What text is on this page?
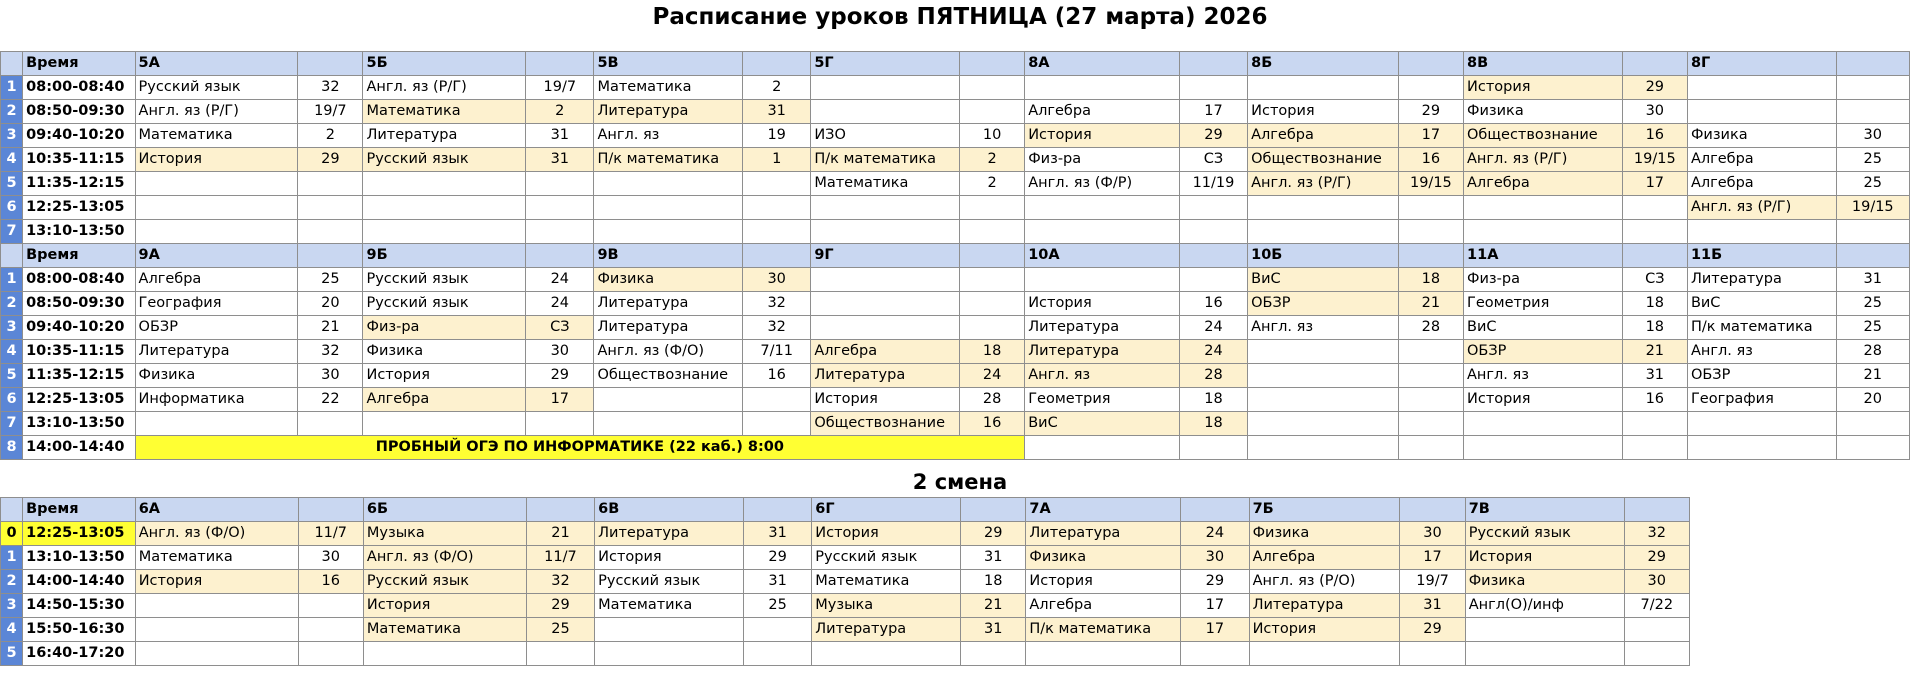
Расписание уроков ПЯТНИЦА (27 марта) 2026
	Время	5А		5Б		5В		5Г		8А		8Б		8В		8Г	
1	08:00-08:40	Русский язык	32	Англ. яз (Р/Г)	19/7	Математика	2							История	29		
2	08:50-09:30	Англ. яз (Р/Г)	19/7	Математика	2	Литература	31			Алгебра	17	История	29	Физика	30		
3	09:40-10:20	Математика	2	Литература	31	Англ. яз	19	ИЗО	10	История	29	Алгебра	17	Обществознание	16	Физика	30
4	10:35-11:15	История	29	Русский язык	31	П/к математика	1	П/к математика	2	Физ-ра	СЗ	Обществознание	16	Англ. яз (Р/Г)	19/15	Алгебра	25
5	11:35-12:15							Математика	2	Англ. яз (Ф/Р)	11/19	Англ. яз (Р/Г)	19/15	Алгебра	17	Алгебра	25
6	12:25-13:05															Англ. яз (Р/Г)	19/15
7	13:10-13:50																
	Время	9А		9Б		9В		9Г		10А		10Б		11А		11Б	
1	08:00-08:40	Алгебра	25	Русский язык	24	Физика	30					ВиС	18	Физ-ра	СЗ	Литература	31
2	08:50-09:30	География	20	Русский язык	24	Литература	32			История	16	ОБЗР	21	Геометрия	18	ВиС	25
3	09:40-10:20	ОБЗР	21	Физ-ра	СЗ	Литература	32			Литература	24	Англ. яз	28	ВиС	18	П/к математика	25
4	10:35-11:15	Литература	32	Физика	30	Англ. яз (Ф/О)	7/11	Алгебра	18	Литература	24			ОБЗР	21	Англ. яз	28
5	11:35-12:15	Физика	30	История	29	Обществознание	16	Литература	24	Англ. яз	28			Англ. яз	31	ОБЗР	21
6	12:25-13:05	Информатика	22	Алгебра	17			История	28	Геометрия	18			История	16	География	20
7	13:10-13:50							Обществознание	16	ВиС	18						
8	14:00-14:40	ПРОБНЫЙ ОГЭ ПО ИНФОРМАТИКЕ (22 каб.) 8:00															
2 смена
	Время	6А		6Б		6В		6Г		7А		7Б		7В	
0	12:25-13:05	Англ. яз (Ф/О)	11/7	Музыка	21	Литература	31	История	29	Литература	24	Физика	30	Русский язык	32
1	13:10-13:50	Математика	30	Англ. яз (Ф/О)	11/7	История	29	Русский язык	31	Физика	30	Алгебра	17	История	29
2	14:00-14:40	История	16	Русский язык	32	Русский язык	31	Математика	18	История	29	Англ. яз (Р/О)	19/7	Физика	30
3	14:50-15:30			История	29	Математика	25	Музыка	21	Алгебра	17	Литература	31	Англ(О)/инф	7/22
4	15:50-16:30			Математика	25			Литература	31	П/к математика	17	История	29		
5	16:40-17:20														
